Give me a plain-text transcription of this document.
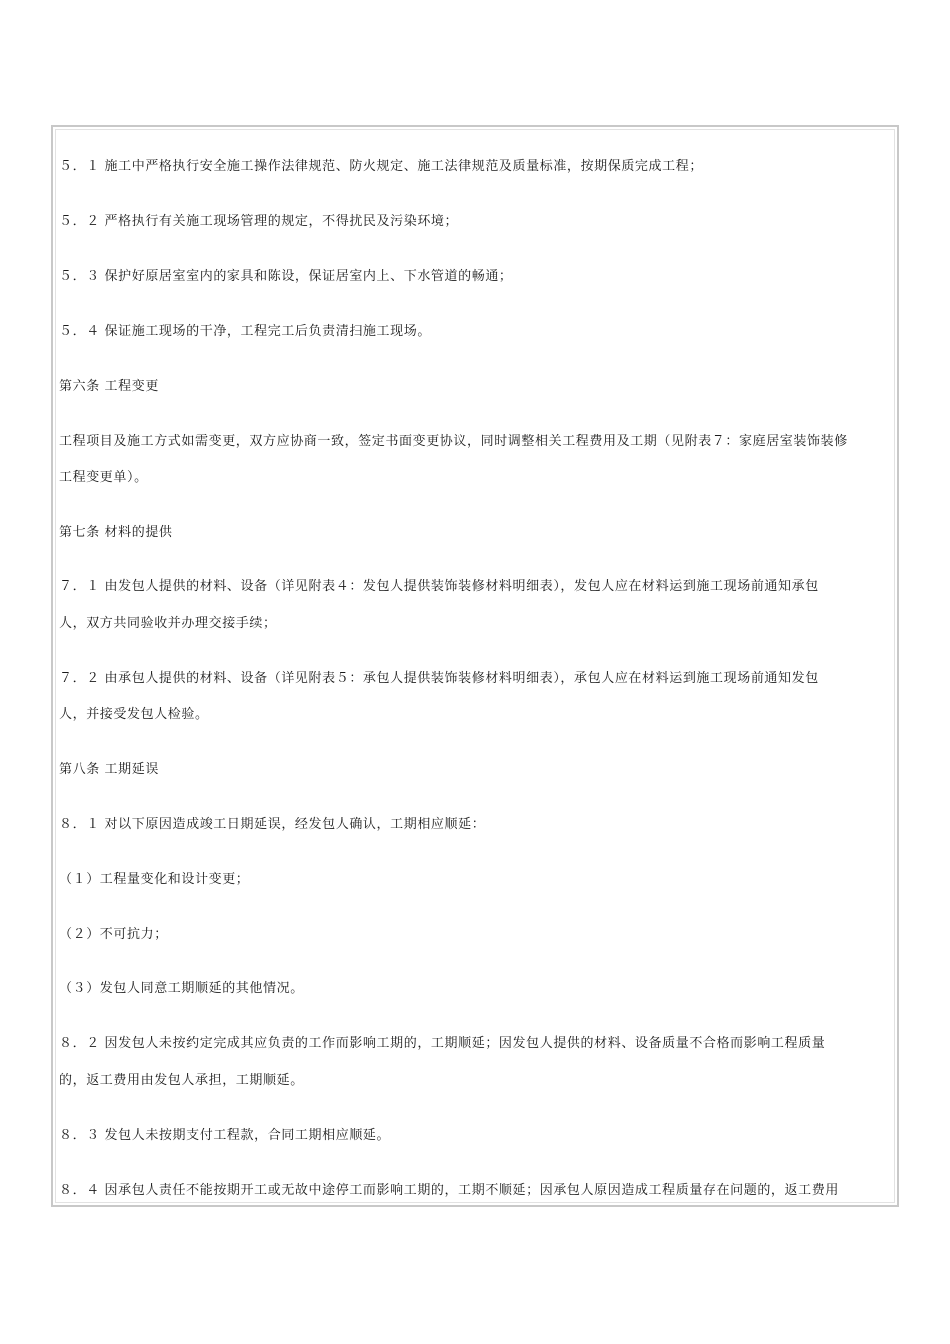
５．１ 施工中严格执行安全施工操作法律规范、防火规定、施工法律规范及质量标准，按期保质完成工程；
５．２ 严格执行有关施工现场管理的规定，不得扰民及污染环境；
５．３ 保护好原居室室内的家具和陈设，保证居室内上、下水管道的畅通；
５．４ 保证施工现场的干净，工程完工后负责清扫施工现场。
第六条 工程变更
工程项目及施工方式如需变更，双方应协商一致，签定书面变更协议，同时调整相关工程费用及工期（见附表７：家庭居室装饰装修
工程变更单）。
第七条 材料的提供
７．１ 由发包人提供的材料、设备（详见附表４：发包人提供装饰装修材料明细表），发包人应在材料运到施工现场前通知承包
人，双方共同验收并办理交接手续；
７．２ 由承包人提供的材料、设备（详见附表５：承包人提供装饰装修材料明细表），承包人应在材料运到施工现场前通知发包
人，并接受发包人检验。
第八条 工期延误
８．１ 对以下原因造成竣工日期延误，经发包人确认，工期相应顺延：
（１）工程量变化和设计变更；
（２）不可抗力；
（３）发包人同意工期顺延的其他情况。
８．２ 因发包人未按约定完成其应负责的工作而影响工期的，工期顺延；因发包人提供的材料、设备质量不合格而影响工程质量
的，返工费用由发包人承担，工期顺延。
８．３ 发包人未按期支付工程款，合同工期相应顺延。
８．４ 因承包人责任不能按期开工或无故中途停工而影响工期的，工期不顺延；因承包人原因造成工程质量存在问题的，返工费用
